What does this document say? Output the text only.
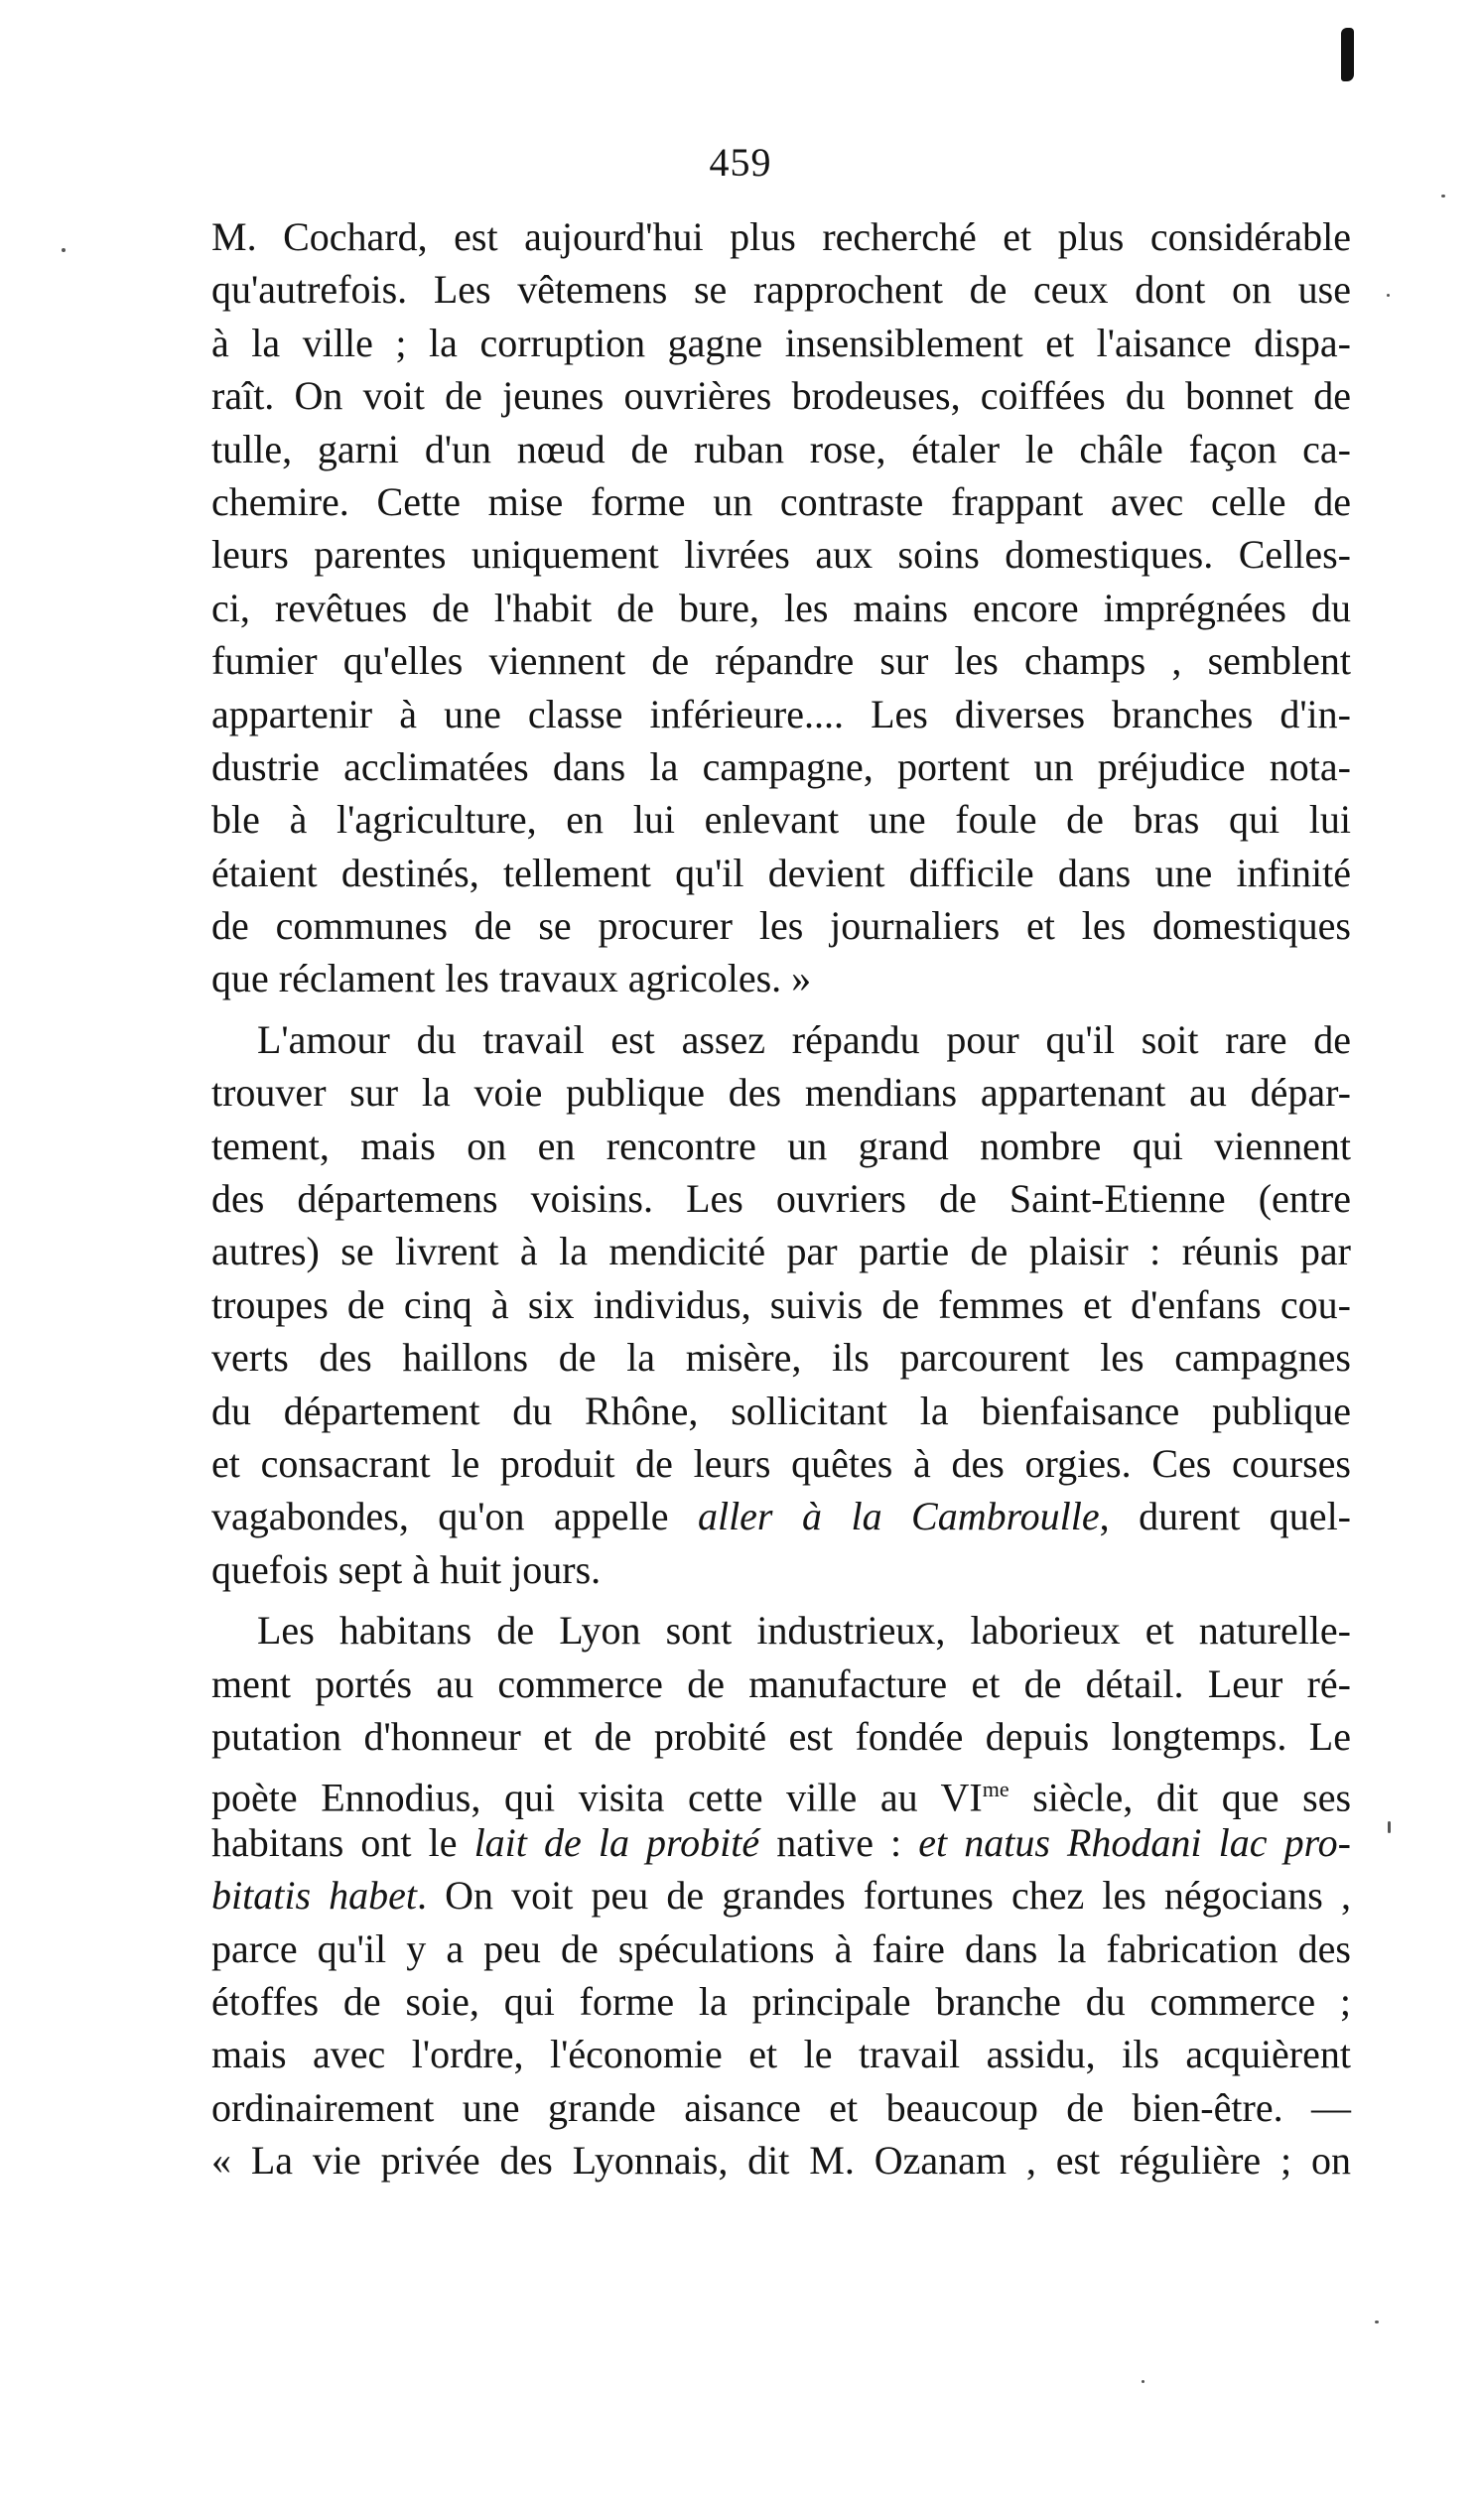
459
M. Cochard, est aujourd'hui plus recherché et plus considérable
qu'autrefois. Les vêtemens se rapprochent de ceux dont on use
à la ville ; la corruption gagne insensiblement et l'aisance dispa-
raît. On voit de jeunes ouvrières brodeuses, coiffées du bonnet de
tulle, garni d'un nœud de ruban rose, étaler le châle façon ca-
chemire. Cette mise forme un contraste frappant avec celle de
leurs parentes uniquement livrées aux soins domestiques. Celles-
ci, revêtues de l'habit de bure, les mains encore imprégnées du
fumier qu'elles viennent de répandre sur les champs , semblent
appartenir à une classe inférieure.... Les diverses branches d'in-
dustrie acclimatées dans la campagne, portent un préjudice nota-
ble à l'agriculture, en lui enlevant une foule de bras qui lui
étaient destinés, tellement qu'il devient difficile dans une infinité
de communes de se procurer les journaliers et les domestiques
que réclament les travaux agricoles. »
L'amour du travail est assez répandu pour qu'il soit rare de
trouver sur la voie publique des mendians appartenant au dépar-
tement, mais on en rencontre un grand nombre qui viennent
des départemens voisins. Les ouvriers de Saint-Etienne (entre
autres) se livrent à la mendicité par partie de plaisir : réunis par
troupes de cinq à six individus, suivis de femmes et d'enfans cou-
verts des haillons de la misère, ils parcourent les campagnes
du département du Rhône, sollicitant la bienfaisance publique
et consacrant le produit de leurs quêtes à des orgies. Ces courses
vagabondes, qu'on appelle aller à la Cambroulle, durent quel-
quefois sept à huit jours.
Les habitans de Lyon sont industrieux, laborieux et naturelle-
ment portés au commerce de manufacture et de détail. Leur ré-
putation d'honneur et de probité est fondée depuis longtemps. Le
poète Ennodius, qui visita cette ville au $VI^{me}$ siècle, dit que ses
habitans ont le lait de la probité native : et natus Rhodani lac pro-
bitatis habet. On voit peu de grandes fortunes chez les négocians ,
parce qu'il y a peu de spéculations à faire dans la fabrication des
étoffes de soie, qui forme la principale branche du commerce ;
mais avec l'ordre, l'économie et le travail assidu, ils acquièrent
ordinairement une grande aisance et beaucoup de bien-être. —
« La vie privée des Lyonnais, dit M. Ozanam , est régulière ; on
